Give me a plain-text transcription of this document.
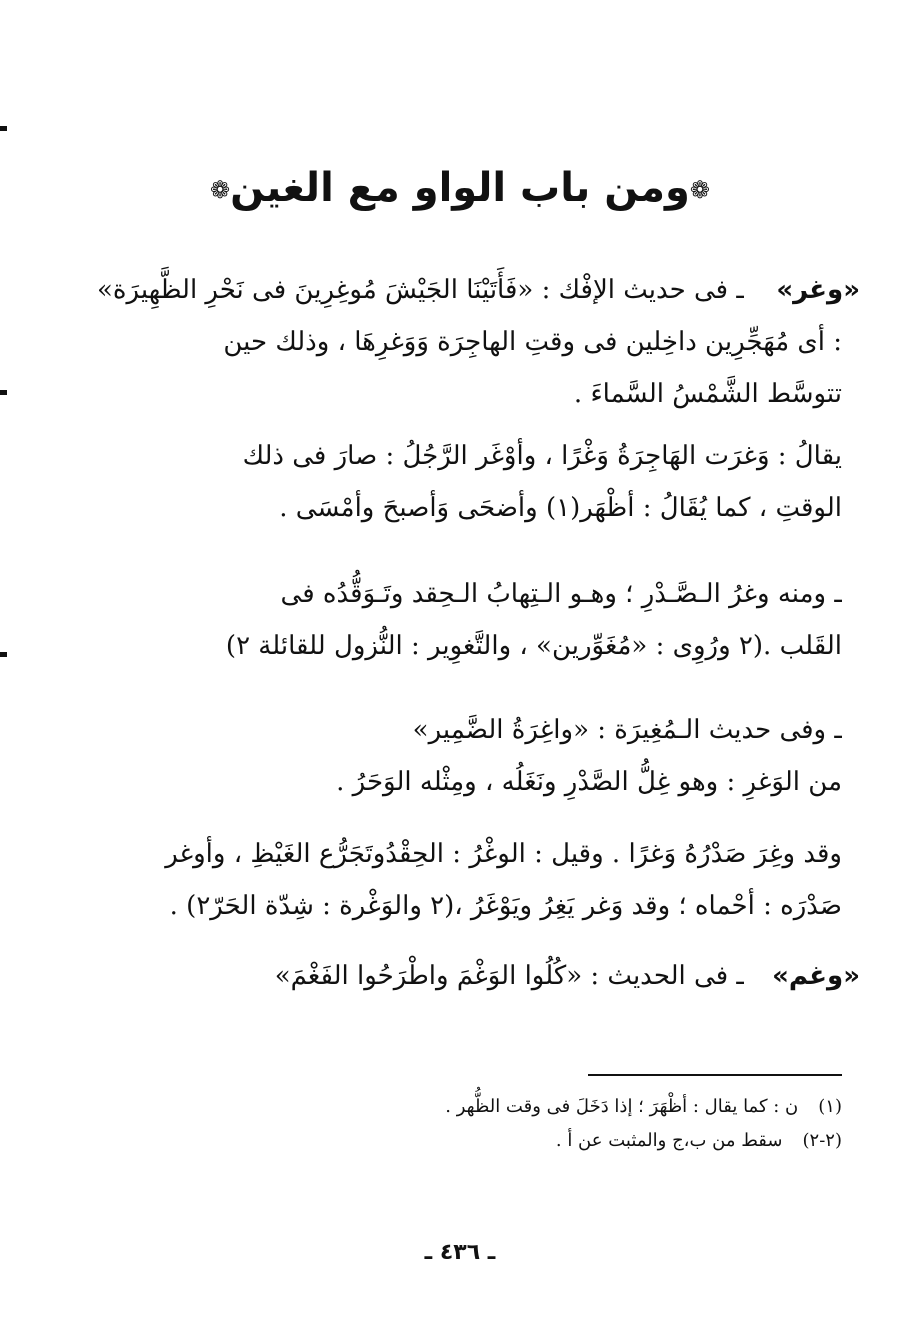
❁ومن باب الواو مع الغين❁
«وغر»
ـ فى حديث الإفْك : «فَأَتَيْنَا الجَيْشَ مُوغِرِينَ فى نَحْرِ الظَّهِيرَة»
: أى مُهَجِّرِين داخِلين فى وقتِ الهاجِرَة وَوَغرِهَا ، وذلك حين
تتوسَّط الشَّمْسُ السَّماءَ .
يقالُ : وَغرَت الهَاجِرَةُ وَغْرًا ، وأوْغَر الرَّجُلُ : صارَ فى ذلك
الوقتِ ، كما يُقَالُ : أظْهَر(١) وأضحَى وَأصبحَ وأمْسَى .
ـ ومنه وغرُ الـصَّـدْرِ ؛ وهـو الـتِهابُ الـحِقد وتَـوَقُّدُه فى
القَلب .(٢ ورُوِى : «مُغَوِّرين» ، والتَّغوِير : النُّزول للقائلة ٢)
ـ وفى حديث الـمُغِيرَة : «واغِرَةُ الضَّمِير»
من الوَغرِ : وهو غِلُّ الصَّدْرِ ونَغَلُه ، ومِثْله الوَحَرُ .
وقد وغِرَ صَدْرُهُ وَغرًا . وقيل : الوغْرُ : الحِقْدُوتَجَرُّع الغَيْظِ ، وأوغر
صَدْرَه : أحْماه ؛ وقد وَغر يَغِرُ ويَوْغَرُ ،(٢ والوَغْرة : شِدّة الحَرّ٢) .
«وغم»
ـ فى الحديث : «كُلُوا الوَغْمَ واطْرَحُوا الفَغْمَ»
(١)ن : كما يقال : أظْهَرَ ؛ إذا دَخَلَ فى وقت الظُّهر .
(٢-٢)سقط من ب،ج والمثبت عن أ .
ـ ٤٣٦ ـ
